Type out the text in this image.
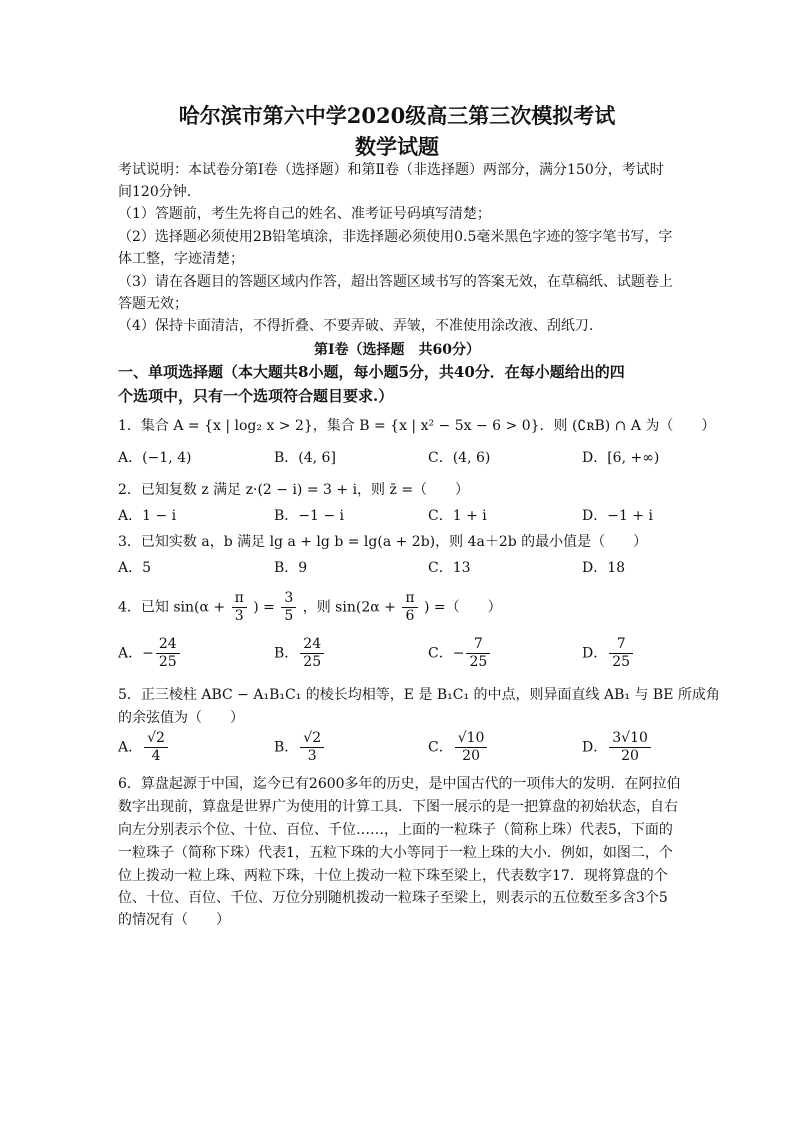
哈尔滨市第六中学2020级高三第三次模拟考试
数学试题
考试说明：本试卷分第Ⅰ卷（选择题）和第Ⅱ卷（非选择题）两部分，满分150分，考试时
间120分钟.
（1）答题前，考生先将自己的姓名、准考证号码填写清楚；
（2）选择题必须使用2B铅笔填涂，非选择题必须使用0.5毫米黑色字迹的签字笔书写，字
体工整，字迹清楚；
（3）请在各题目的答题区域内作答，超出答题区域书写的答案无效，在草稿纸、试题卷上
答题无效；
（4）保持卡面清洁，不得折叠、不要弄破、弄皱，不准使用涂改液、刮纸刀.
第Ⅰ卷（选择题　共60分）
一、单项选择题（本大题共8小题，每小题5分，共40分．在每小题给出的四
个选项中，只有一个选项符合题目要求.）
1．集合 A = {x | log₂ x > 2}，集合 B = {x | x² − 5x − 6 > 0}．则 (∁ʀB) ∩ A 为（　　）
A．(−1, 4)	B．(4, 6]	C．(4, 6)	D．[6, +∞)
2．已知复数 z 满足 z·(2 − i) = 3 + i，则 z̄ =（　　）
A．1 − i	B．−1 − i	C．1 + i	D．−1 + i
3．已知实数 a，b 满足 lg a + lg b = lg(a + 2b)，则 4a＋2b 的最小值是（　　）
A．5	B．9	C．13	D．18
4．已知 $\sin(\alpha + \frac{\pi}{3}$ ) = $\frac{3}{5}$ ，则 $\sin(2\alpha + \frac{\pi}{6}$ ) =（　　）
A．− $\frac{24}{25}$	B． $\frac{24}{25}$	C．− $\frac{7}{25}$	D． $\frac{7}{25}$
5．正三棱柱 ABC − A₁B₁C₁ 的棱长均相等，E 是 B₁C₁ 的中点，则异面直线 AB₁ 与 BE 所成角
的余弦值为（　　）
A． $\frac{√2}{4}$	B． $\frac{√2}{3}$	C． $\frac{√10}{20}$	D． $\frac{3√10}{20}$
6．算盘起源于中国，迄今已有2600多年的历史，是中国古代的一项伟大的发明．在阿拉伯
数字出现前，算盘是世界广为使用的计算工具．下图一展示的是一把算盘的初始状态，自右
向左分别表示个位、十位、百位、千位……，上面的一粒珠子（简称上珠）代表5，下面的
一粒珠子（简称下珠）代表1，五粒下珠的大小等同于一粒上珠的大小．例如，如图二，个
位上拨动一粒上珠、两粒下珠，十位上拨动一粒下珠至梁上，代表数字17．现将算盘的个
位、十位、百位、千位、万位分别随机拨动一粒珠子至梁上，则表示的五位数至多含3个5
的情况有（　　）
